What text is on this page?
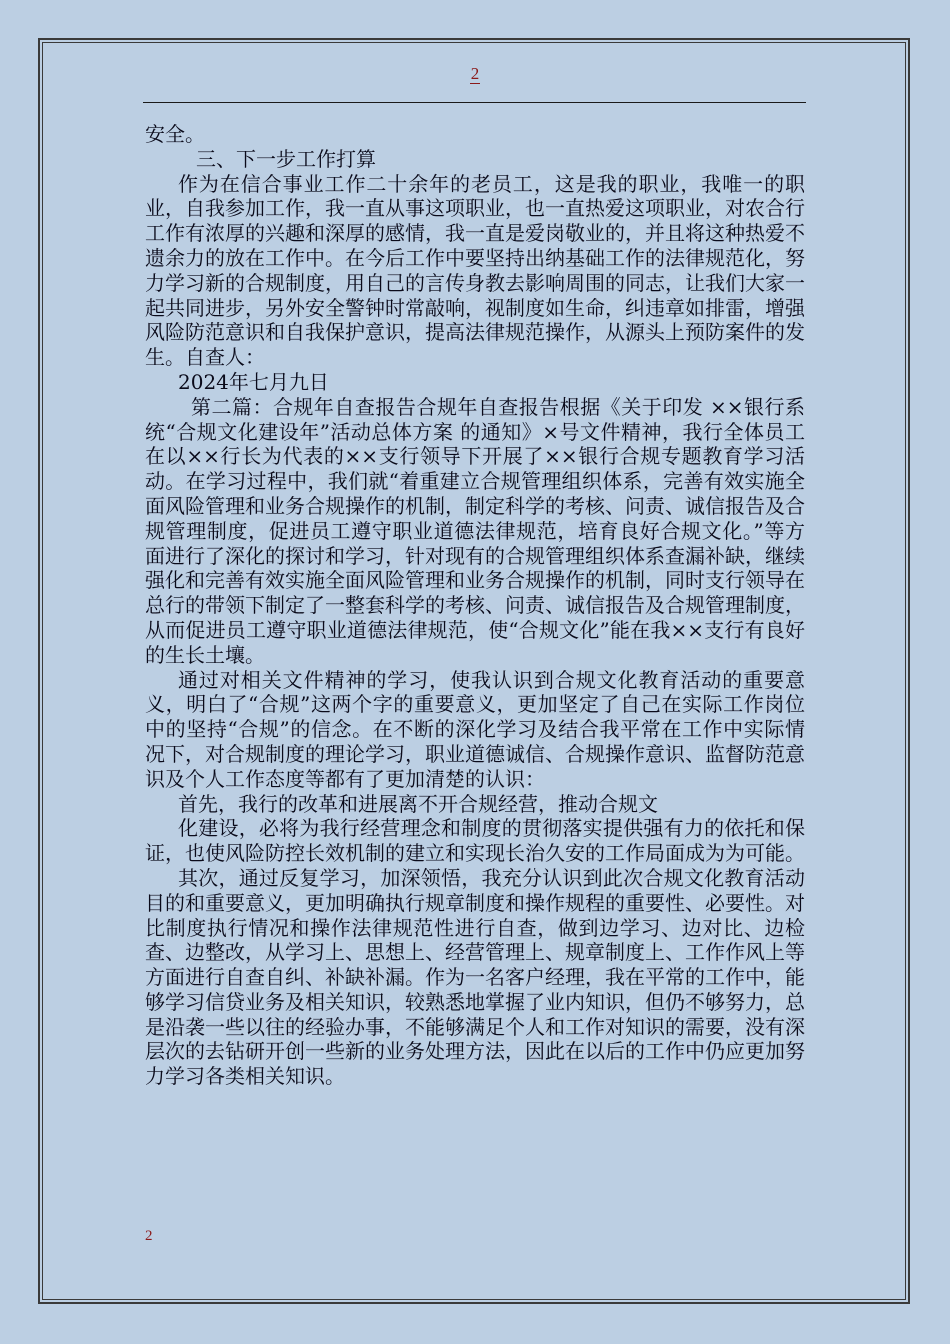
2

安全。

三、下一步工作打算

作为在信合事业工作二十余年的老员工，这是我的职业，我唯一的职业，自我参加工作，我一直从事这项职业，也一直热爱这项职业，对农合行工作有浓厚的兴趣和深厚的感情，我一直是爱岗敬业的，并且将这种热爱不遗余力的放在工作中。在今后工作中要坚持出纳基础工作的法律规范化，努力学习新的合规制度，用自己的言传身教去影响周围的同志，让我们大家一起共同进步，另外安全警钟时常敲响，视制度如生命，纠违章如排雷，增强风险防范意识和自我保护意识，提高法律规范操作，从源头上预防案件的发生。自查人：

2024年七月九日

第二篇：合规年自查报告合规年自查报告根据《关于印发 ××银行系统“合规文化建设年”活动总体方案 的通知》×号文件精神，我行全体员工在以××行长为代表的××支行领导下开展了××银行合规专题教育学习活动。在学习过程中，我们就“着重建立合规管理组织体系，完善有效实施全面风险管理和业务合规操作的机制，制定科学的考核、问责、诚信报告及合规管理制度，促进员工遵守职业道德法律规范，培育良好合规文化。”等方面进行了深化的探讨和学习，针对现有的合规管理组织体系查漏补缺，继续强化和完善有效实施全面风险管理和业务合规操作的机制，同时支行领导在总行的带领下制定了一整套科学的考核、问责、诚信报告及合规管理制度，从而促进员工遵守职业道德法律规范，使“合规文化”能在我××支行有良好的生长土壤。

通过对相关文件精神的学习，使我认识到合规文化教育活动的重要意义，明白了“合规”这两个字的重要意义，更加坚定了自己在实际工作岗位中的坚持“合规”的信念。在不断的深化学习及结合我平常在工作中实际情况下，对合规制度的理论学习，职业道德诚信、合规操作意识、监督防范意识及个人工作态度等都有了更加清楚的认识：

首先，我行的改革和进展离不开合规经营，推动合规文

化建设，必将为我行经营理念和制度的贯彻落实提供强有力的依托和保证，也使风险防控长效机制的建立和实现长治久安的工作局面成为为可能。

其次，通过反复学习，加深领悟，我充分认识到此次合规文化教育活动目的和重要意义，更加明确执行规章制度和操作规程的重要性、必要性。对比制度执行情况和操作法律规范性进行自查，做到边学习、边对比、边检查、边整改，从学习上、思想上、经营管理上、规章制度上、工作作风上等方面进行自查自纠、补缺补漏。作为一名客户经理，我在平常的工作中，能够学习信贷业务及相关知识，较熟悉地掌握了业内知识，但仍不够努力，总是沿袭一些以往的经验办事，不能够满足个人和工作对知识的需要，没有深层次的去钻研开创一些新的业务处理方法，因此在以后的工作中仍应更加努力学习各类相关知识。

2
